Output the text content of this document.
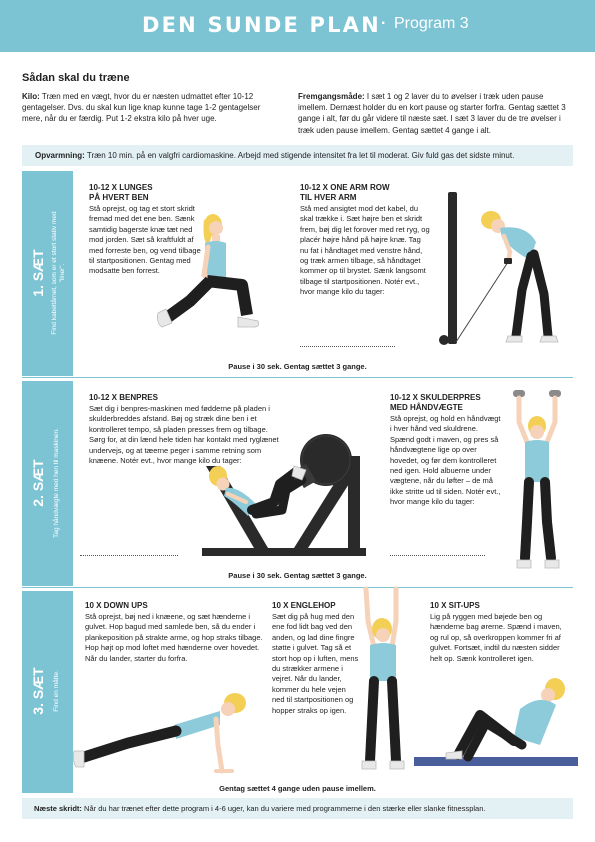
DEN SUNDE PLAN · Program 3
Sådan skal du træne
Kilo: Træn med en vægt, hvor du er næsten udmattet efter 10-12 gentagelser. Dvs. du skal kun lige knap kunne tage 1-2 gentagelser mere, når du er færdig. Put 1-2 ekstra kilo på hver uge.
Fremgangsmåde: I sæt 1 og 2 laver du to øvelser i træk uden pause imellem. Dernæst holder du en kort pause og starter forfra. Gentag sættet 3 gange i alt, før du går videre til næste sæt. I sæt 3 laver du de tre øvelser i træk uden pause imellem. Gentag sættet 4 gange i alt.
Opvarmning: Træn 10 min. på en valgfri cardiomaskine. Arbejd med stigende intensitet fra let til moderat. Giv fuld gas det sidste minut.
1. SÆT Find kabeltårnet, som er et stort stativ med "liner".
10-12 X LUNGES
PÅ HVERT BEN
Stå oprejst, og tag et stort skridt fremad med det ene ben. Sænk samtidig bagerste knæ tæt ned mod jorden. Sæt så kraftfuldt af med forreste ben, og vend tilbage til startpositionen. Gentag med modsatte ben forrest.
10-12 X ONE ARM ROW
TIL HVER ARM
Stå med ansigtet mod det kabel, du skal trække i. Sæt højre ben et skridt frem, bøj dig let forover med ret ryg, og placér højre hånd på højre knæ. Tag nu fat i håndtaget med venstre hånd, og træk armen tilbage, så håndtaget kommer op til brystet. Sænk langsomt tilbage til startpositionen. Notér evt., hvor mange kilo du tager:
Pause i 30 sek. Gentag sættet 3 gange.
2. SÆT Tag håndvægte med hen til maskinen.
10-12 X BENPRES
Sæt dig i benpres-maskinen med fødderne på pladen i skulderbreddes afstand. Bøj og stræk dine ben i et kontrolleret tempo, så pladen presses frem og tilbage. Sørg for, at din lænd hele tiden har kontakt med ryglænet undervejs, og at tæerne peger i samme retning som knæene. Notér evt., hvor mange kilo du tager:
10-12 X SKULDERPRES
MED HÅNDVÆGTE
Stå oprejst, og hold en håndvægt i hver hånd ved skuldrene. Spænd godt i maven, og pres så håndvægtene lige op over hovedet, og før dem kontrolleret ned igen. Hold albuerne under vægtene, når du løfter – de må ikke stritte ud til siden. Notér evt., hvor mange kilo du tager:
Pause i 30 sek. Gentag sættet 3 gange.
3. SÆT Find en måtte.
10 X DOWN UPS
Stå oprejst, bøj ned i knæene, og sæt hænderne i gulvet. Hop bagud med samlede ben, så du ender i plankeposition på strakte arme, og hop straks tilbage. Hop højt op mod loftet med hænderne over hovedet. Når du lander, starter du forfra.
10 X ENGLEHOP
Sæt dig på hug med den ene fod lidt bag ved den anden, og lad dine fingre støtte i gulvet. Tag så et stort hop op i luften, mens du strækker armene i vejret. Når du lander, kommer du hele vejen ned til startpositionen og hopper straks op igen.
10 X SIT-UPS
Lig på ryggen med bøjede ben og hænderne bag ørerne. Spænd i maven, og rul op, så overkroppen kommer fri af gulvet. Fortsæt, indtil du næsten sidder helt op. Sænk kontrolleret igen.
Gentag sættet 4 gange uden pause imellem.
Næste skridt: Når du har trænet efter dette program i 4-6 uger, kan du variere med programmerne i den stærke eller slanke fitnessplan.
